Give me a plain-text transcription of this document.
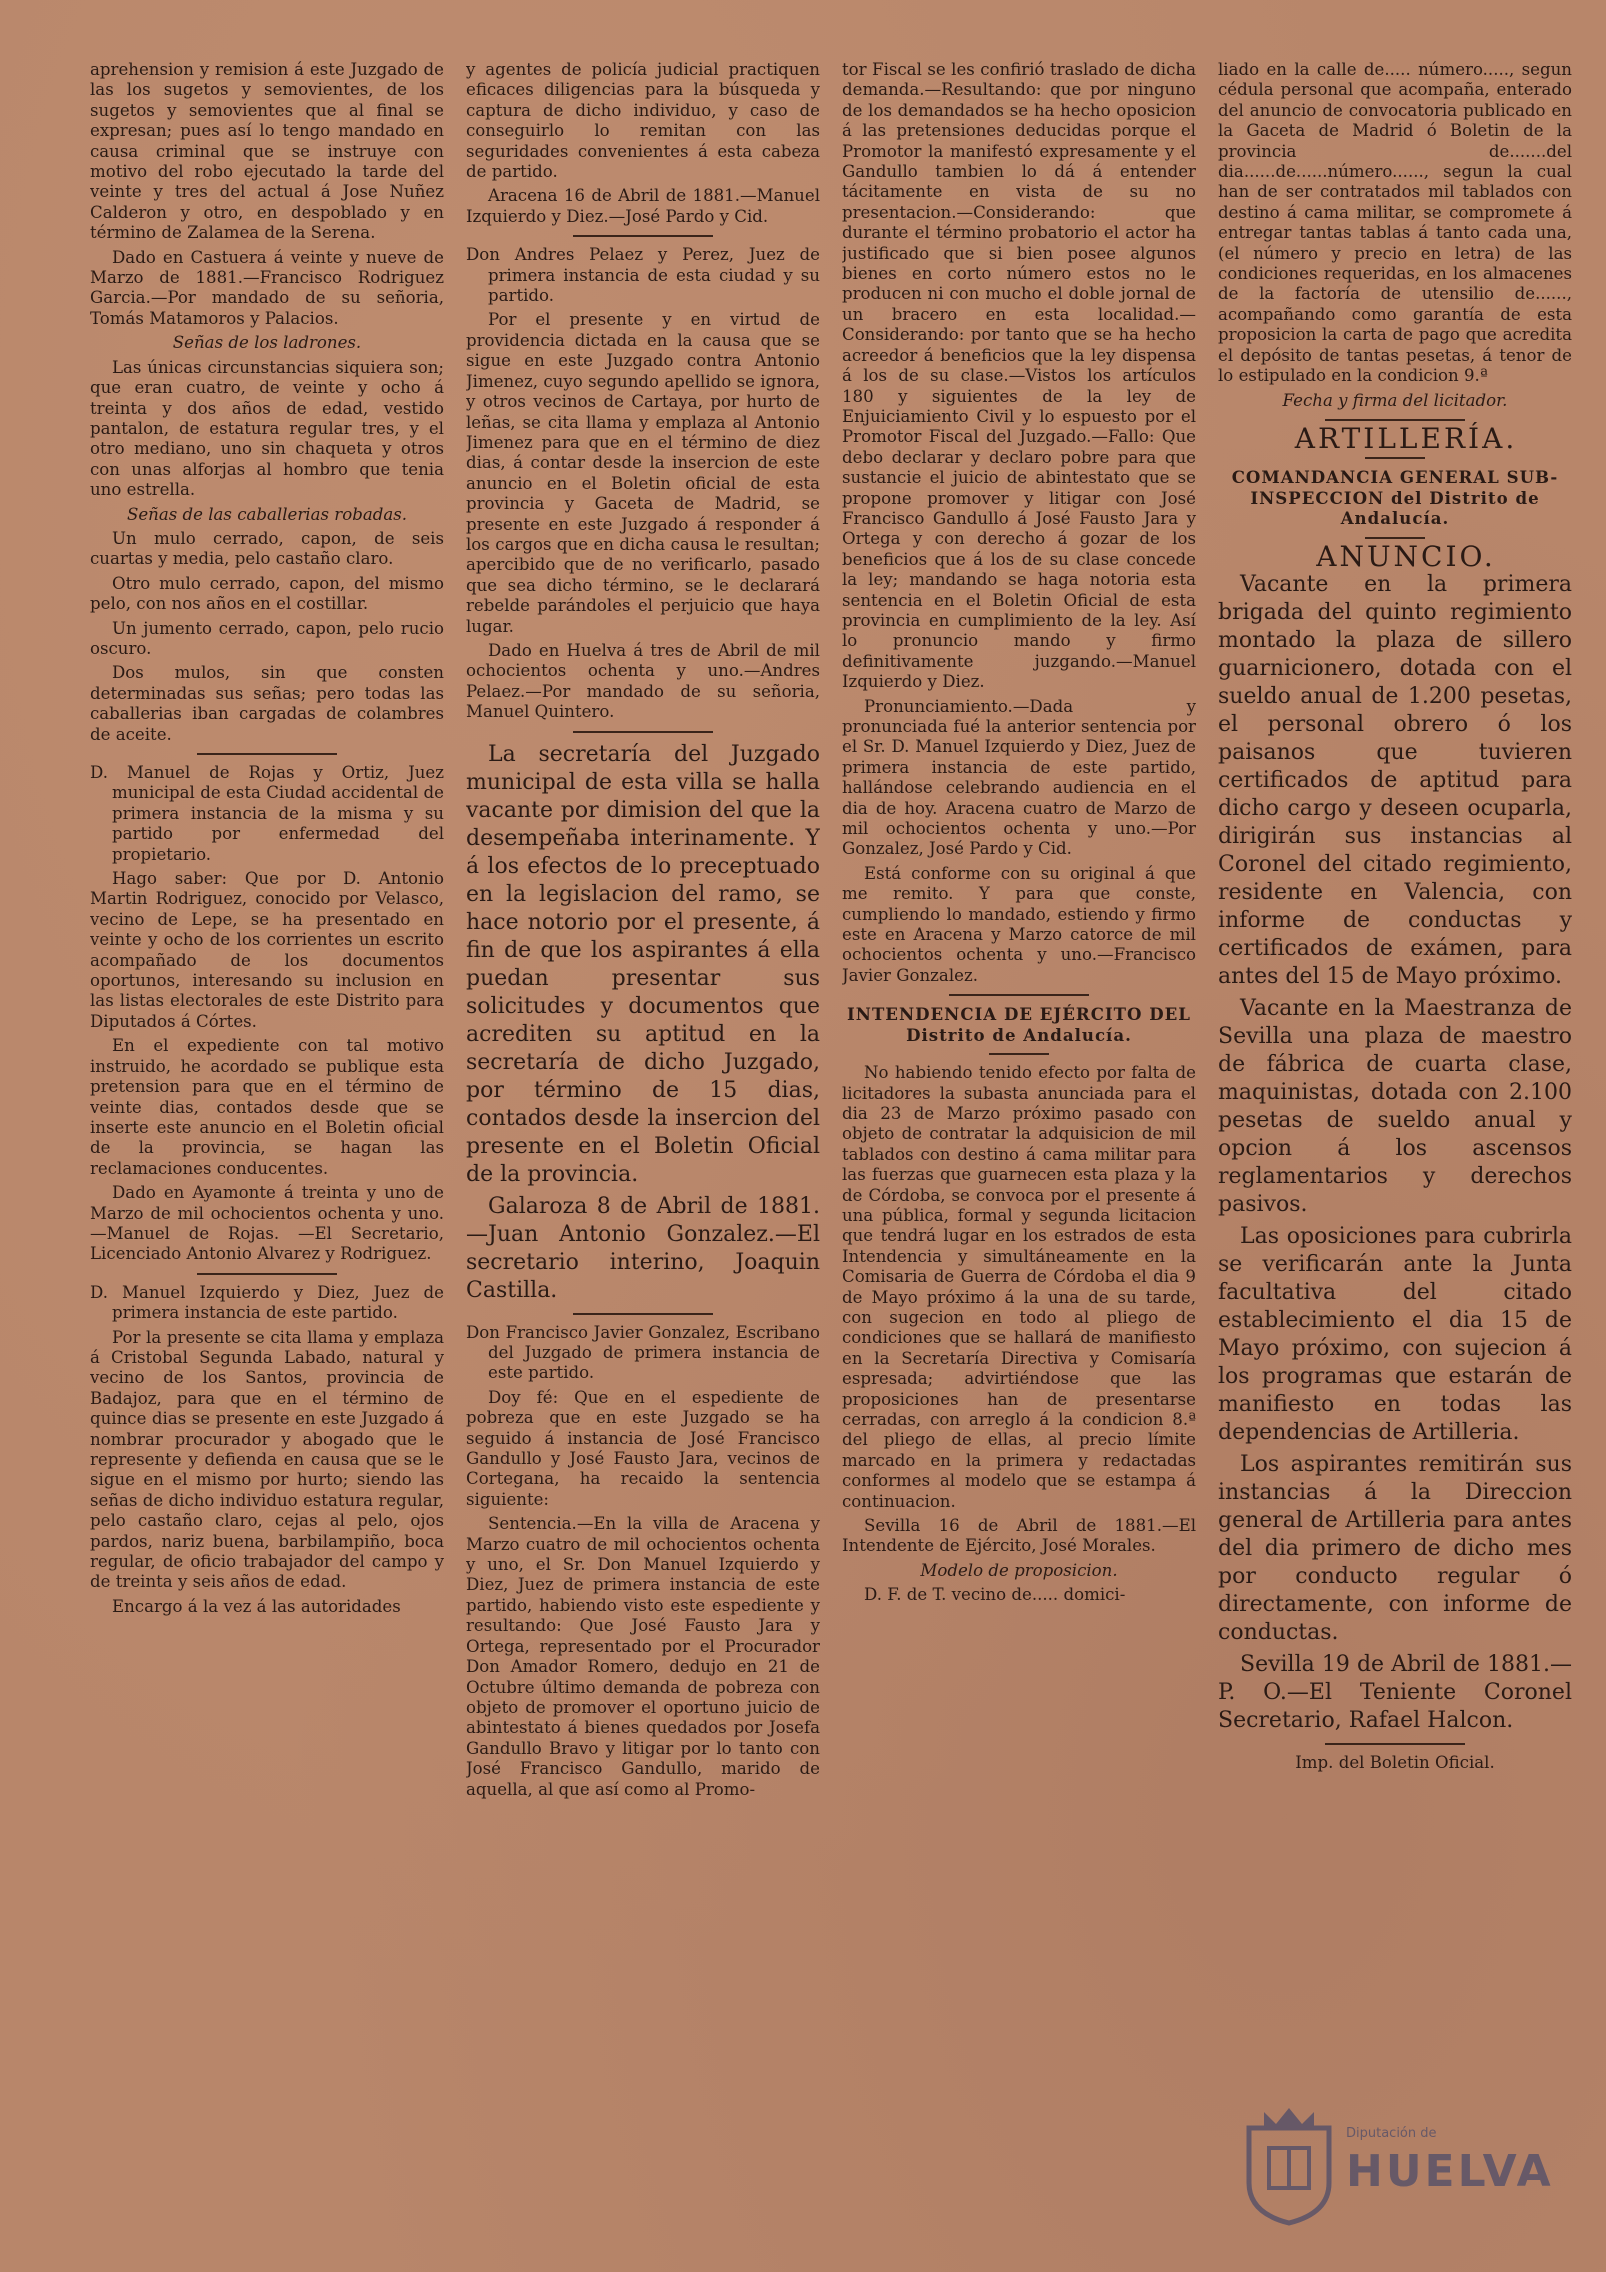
aprehension y remision á este Juzgado de las los sugetos y semovientes, de los sugetos y semovientes que al final se expresan; pues así lo tengo mandado en causa criminal que se instruye con motivo del robo ejecutado la tarde del veinte y tres del actual á Jose Nuñez Calderon y otro, en despoblado y en término de Zalamea de la Serena.

Dado en Castuera á veinte y nueve de Marzo de 1881.—Francisco Rodriguez Garcia.—Por mandado de su señoria, Tomás Matamoros y Palacios.

Señas de los ladrones.

Las únicas circunstancias siquiera son; que eran cuatro, de veinte y ocho á treinta y dos años de edad, vestido pantalon, de estatura regular tres, y el otro mediano, uno sin chaqueta y otros con unas alforjas al hombro que tenia uno estrella.

Señas de las caballerias robadas.

Un mulo cerrado, capon, de seis cuartas y media, pelo castaño claro.

Otro mulo cerrado, capon, del mismo pelo, con nos años en el costillar.

Un jumento cerrado, capon, pelo rucio oscuro.

Dos mulos, sin que consten determinadas sus señas; pero todas las caballerias iban cargadas de colambres de aceite.

D. Manuel de Rojas y Ortiz, Juez municipal de esta Ciudad accidental de primera instancia de la misma y su partido por enfermedad del propietario.

Hago saber: Que por D. Antonio Martin Rodriguez, conocido por Velasco, vecino de Lepe, se ha presentado en veinte y ocho de los corrientes un escrito acompañado de los documentos oportunos, interesando su inclusion en las listas electorales de este Distrito para Diputados á Córtes.

En el expediente con tal motivo instruido, he acordado se publique esta pretension para que en el término de veinte dias, contados desde que se inserte este anuncio en el Boletin oficial de la provincia, se hagan las reclamaciones conducentes.

Dado en Ayamonte á treinta y uno de Marzo de mil ochocientos ochenta y uno.—Manuel de Rojas. —El Secretario, Licenciado Antonio Alvarez y Rodriguez.

D. Manuel Izquierdo y Diez, Juez de primera instancia de este partido.

Por la presente se cita llama y emplaza á Cristobal Segunda Labado, natural y vecino de los Santos, provincia de Badajoz, para que en el término de quince dias se presente en este Juzgado á nombrar procurador y abogado que le represente y defienda en causa que se le sigue en el mismo por hurto; siendo las señas de dicho individuo estatura regular, pelo castaño claro, cejas al pelo, ojos pardos, nariz buena, barbilampiño, boca regular, de oficio trabajador del campo y de treinta y seis años de edad.

Encargo á la vez á las autoridades

y agentes de policía judicial practiquen eficaces diligencias para la búsqueda y captura de dicho individuo, y caso de conseguirlo lo remitan con las seguridades convenientes á esta cabeza de partido.

Aracena 16 de Abril de 1881.—Manuel Izquierdo y Diez.—José Pardo y Cid.

Don Andres Pelaez y Perez, Juez de primera instancia de esta ciudad y su partido.

Por el presente y en virtud de providencia dictada en la causa que se sigue en este Juzgado contra Antonio Jimenez, cuyo segundo apellido se ignora, y otros vecinos de Cartaya, por hurto de leñas, se cita llama y emplaza al Antonio Jimenez para que en el término de diez dias, á contar desde la insercion de este anuncio en el Boletin oficial de esta provincia y Gaceta de Madrid, se presente en este Juzgado á responder á los cargos que en dicha causa le resultan; apercibido que de no verificarlo, pasado que sea dicho término, se le declarará rebelde parándoles el perjuicio que haya lugar.

Dado en Huelva á tres de Abril de mil ochocientos ochenta y uno.—Andres Pelaez.—Por mandado de su señoria, Manuel Quintero.

La secretaría del Juzgado municipal de esta villa se halla vacante por dimision del que la desempeñaba interinamente. Y á los efectos de lo preceptuado en la legislacion del ramo, se hace notorio por el presente, á fin de que los aspirantes á ella puedan presentar sus solicitudes y documentos que acrediten su aptitud en la secretaría de dicho Juzgado, por término de 15 dias, contados desde la insercion del presente en el Boletin Oficial de la provincia.

Galaroza 8 de Abril de 1881.—Juan Antonio Gonzalez.—El secretario interino, Joaquin Castilla.

Don Francisco Javier Gonzalez, Escribano del Juzgado de primera instancia de este partido.

Doy fé: Que en el espediente de pobreza que en este Juzgado se ha seguido á instancia de José Francisco Gandullo y José Fausto Jara, vecinos de Cortegana, ha recaido la sentencia siguiente:

Sentencia.—En la villa de Aracena y Marzo cuatro de mil ochocientos ochenta y uno, el Sr. Don Manuel Izquierdo y Diez, Juez de primera instancia de este partido, habiendo visto este espediente y resultando: Que José Fausto Jara y Ortega, representado por el Procurador Don Amador Romero, dedujo en 21 de Octubre último demanda de pobreza con objeto de promover el oportuno juicio de abintestato á bienes quedados por Josefa Gandullo Bravo y litigar por lo tanto con José Francisco Gandullo, marido de aquella, al que así como al Promo-

tor Fiscal se les confirió traslado de dicha demanda.—Resultando: que por ninguno de los demandados se ha hecho oposicion á las pretensiones deducidas porque el Promotor la manifestó expresamente y el Gandullo tambien lo dá á entender tácitamente en vista de su no presentacion.—Considerando: que durante el término probatorio el actor ha justificado que si bien posee algunos bienes en corto número estos no le producen ni con mucho el doble jornal de un bracero en esta localidad.—Considerando: por tanto que se ha hecho acreedor á beneficios que la ley dispensa á los de su clase.—Vistos los artículos 180 y siguientes de la ley de Enjuiciamiento Civil y lo espuesto por el Promotor Fiscal del Juzgado.—Fallo: Que debo declarar y declaro pobre para que sustancie el juicio de abintestato que se propone promover y litigar con José Francisco Gandullo á José Fausto Jara y Ortega y con derecho á gozar de los beneficios que á los de su clase concede la ley; mandando se haga notoria esta sentencia en el Boletin Oficial de esta provincia en cumplimiento de la ley. Así lo pronuncio mando y firmo definitivamente juzgando.—Manuel Izquierdo y Diez.

Pronunciamiento.—Dada y pronunciada fué la anterior sentencia por el Sr. D. Manuel Izquierdo y Diez, Juez de primera instancia de este partido, hallándose celebrando audiencia en el dia de hoy. Aracena cuatro de Marzo de mil ochocientos ochenta y uno.—Por Gonzalez, José Pardo y Cid.

Está conforme con su original á que me remito. Y para que conste, cumpliendo lo mandado, estiendo y firmo este en Aracena y Marzo catorce de mil ochocientos ochenta y uno.—Francisco Javier Gonzalez.

INTENDENCIA DE EJÉRCITO DEL Distrito de Andalucía.

No habiendo tenido efecto por falta de licitadores la subasta anunciada para el dia 23 de Marzo próximo pasado con objeto de contratar la adquisicion de mil tablados con destino á cama militar para las fuerzas que guarnecen esta plaza y la de Córdoba, se convoca por el presente á una pública, formal y segunda licitacion que tendrá lugar en los estrados de esta Intendencia y simultáneamente en la Comisaria de Guerra de Córdoba el dia 9 de Mayo próximo á la una de su tarde, con sugecion en todo al pliego de condiciones que se hallará de manifiesto en la Secretaría Directiva y Comisaría espresada; advirtiéndose que las proposiciones han de presentarse cerradas, con arreglo á la condicion 8.ª del pliego de ellas, al precio límite marcado en la primera y redactadas conformes al modelo que se estampa á continuacion.

Sevilla 16 de Abril de 1881.—El Intendente de Ejército, José Morales.

Modelo de proposicion.

D. F. de T. vecino de..... domici-

liado en la calle de..... número....., segun cédula personal que acompaña, enterado del anuncio de convocatoria publicado en la Gaceta de Madrid ó Boletin de la provincia de.......del dia......de......número......, segun la cual han de ser contratados mil tablados con destino á cama militar, se compromete á entregar tantas tablas á tanto cada una, (el número y precio en letra) de las condiciones requeridas, en los almacenes de la factoría de utensilio de......, acompañando como garantía de esta proposicion la carta de pago que acredita el depósito de tantas pesetas, á tenor de lo estipulado en la condicion 9.ª

Fecha y firma del licitador.

ARTILLERÍA.

COMANDANCIA GENERAL SUB-INSPECCION del Distrito de Andalucía.

ANUNCIO.

Vacante en la primera brigada del quinto regimiento montado la plaza de sillero guarnicionero, dotada con el sueldo anual de 1.200 pesetas, el personal obrero ó los paisanos que tuvieren certificados de aptitud para dicho cargo y deseen ocuparla, dirigirán sus instancias al Coronel del citado regimiento, residente en Valencia, con informe de conductas y certificados de exámen, para antes del 15 de Mayo próximo.

Vacante en la Maestranza de Sevilla una plaza de maestro de fábrica de cuarta clase, maquinistas, dotada con 2.100 pesetas de sueldo anual y opcion á los ascensos reglamentarios y derechos pasivos.

Las oposiciones para cubrirla se verificarán ante la Junta facultativa del citado establecimiento el dia 15 de Mayo próximo, con sujecion á los programas que estarán de manifiesto en todas las dependencias de Artilleria.

Los aspirantes remitirán sus instancias á la Direccion general de Artilleria para antes del dia primero de dicho mes por conducto regular ó directamente, con informe de conductas.

Sevilla 19 de Abril de 1881.—P. O.—El Teniente Coronel Secretario, Rafael Halcon.

Imp. del Boletin Oficial.

Diputación de
HUELVA
